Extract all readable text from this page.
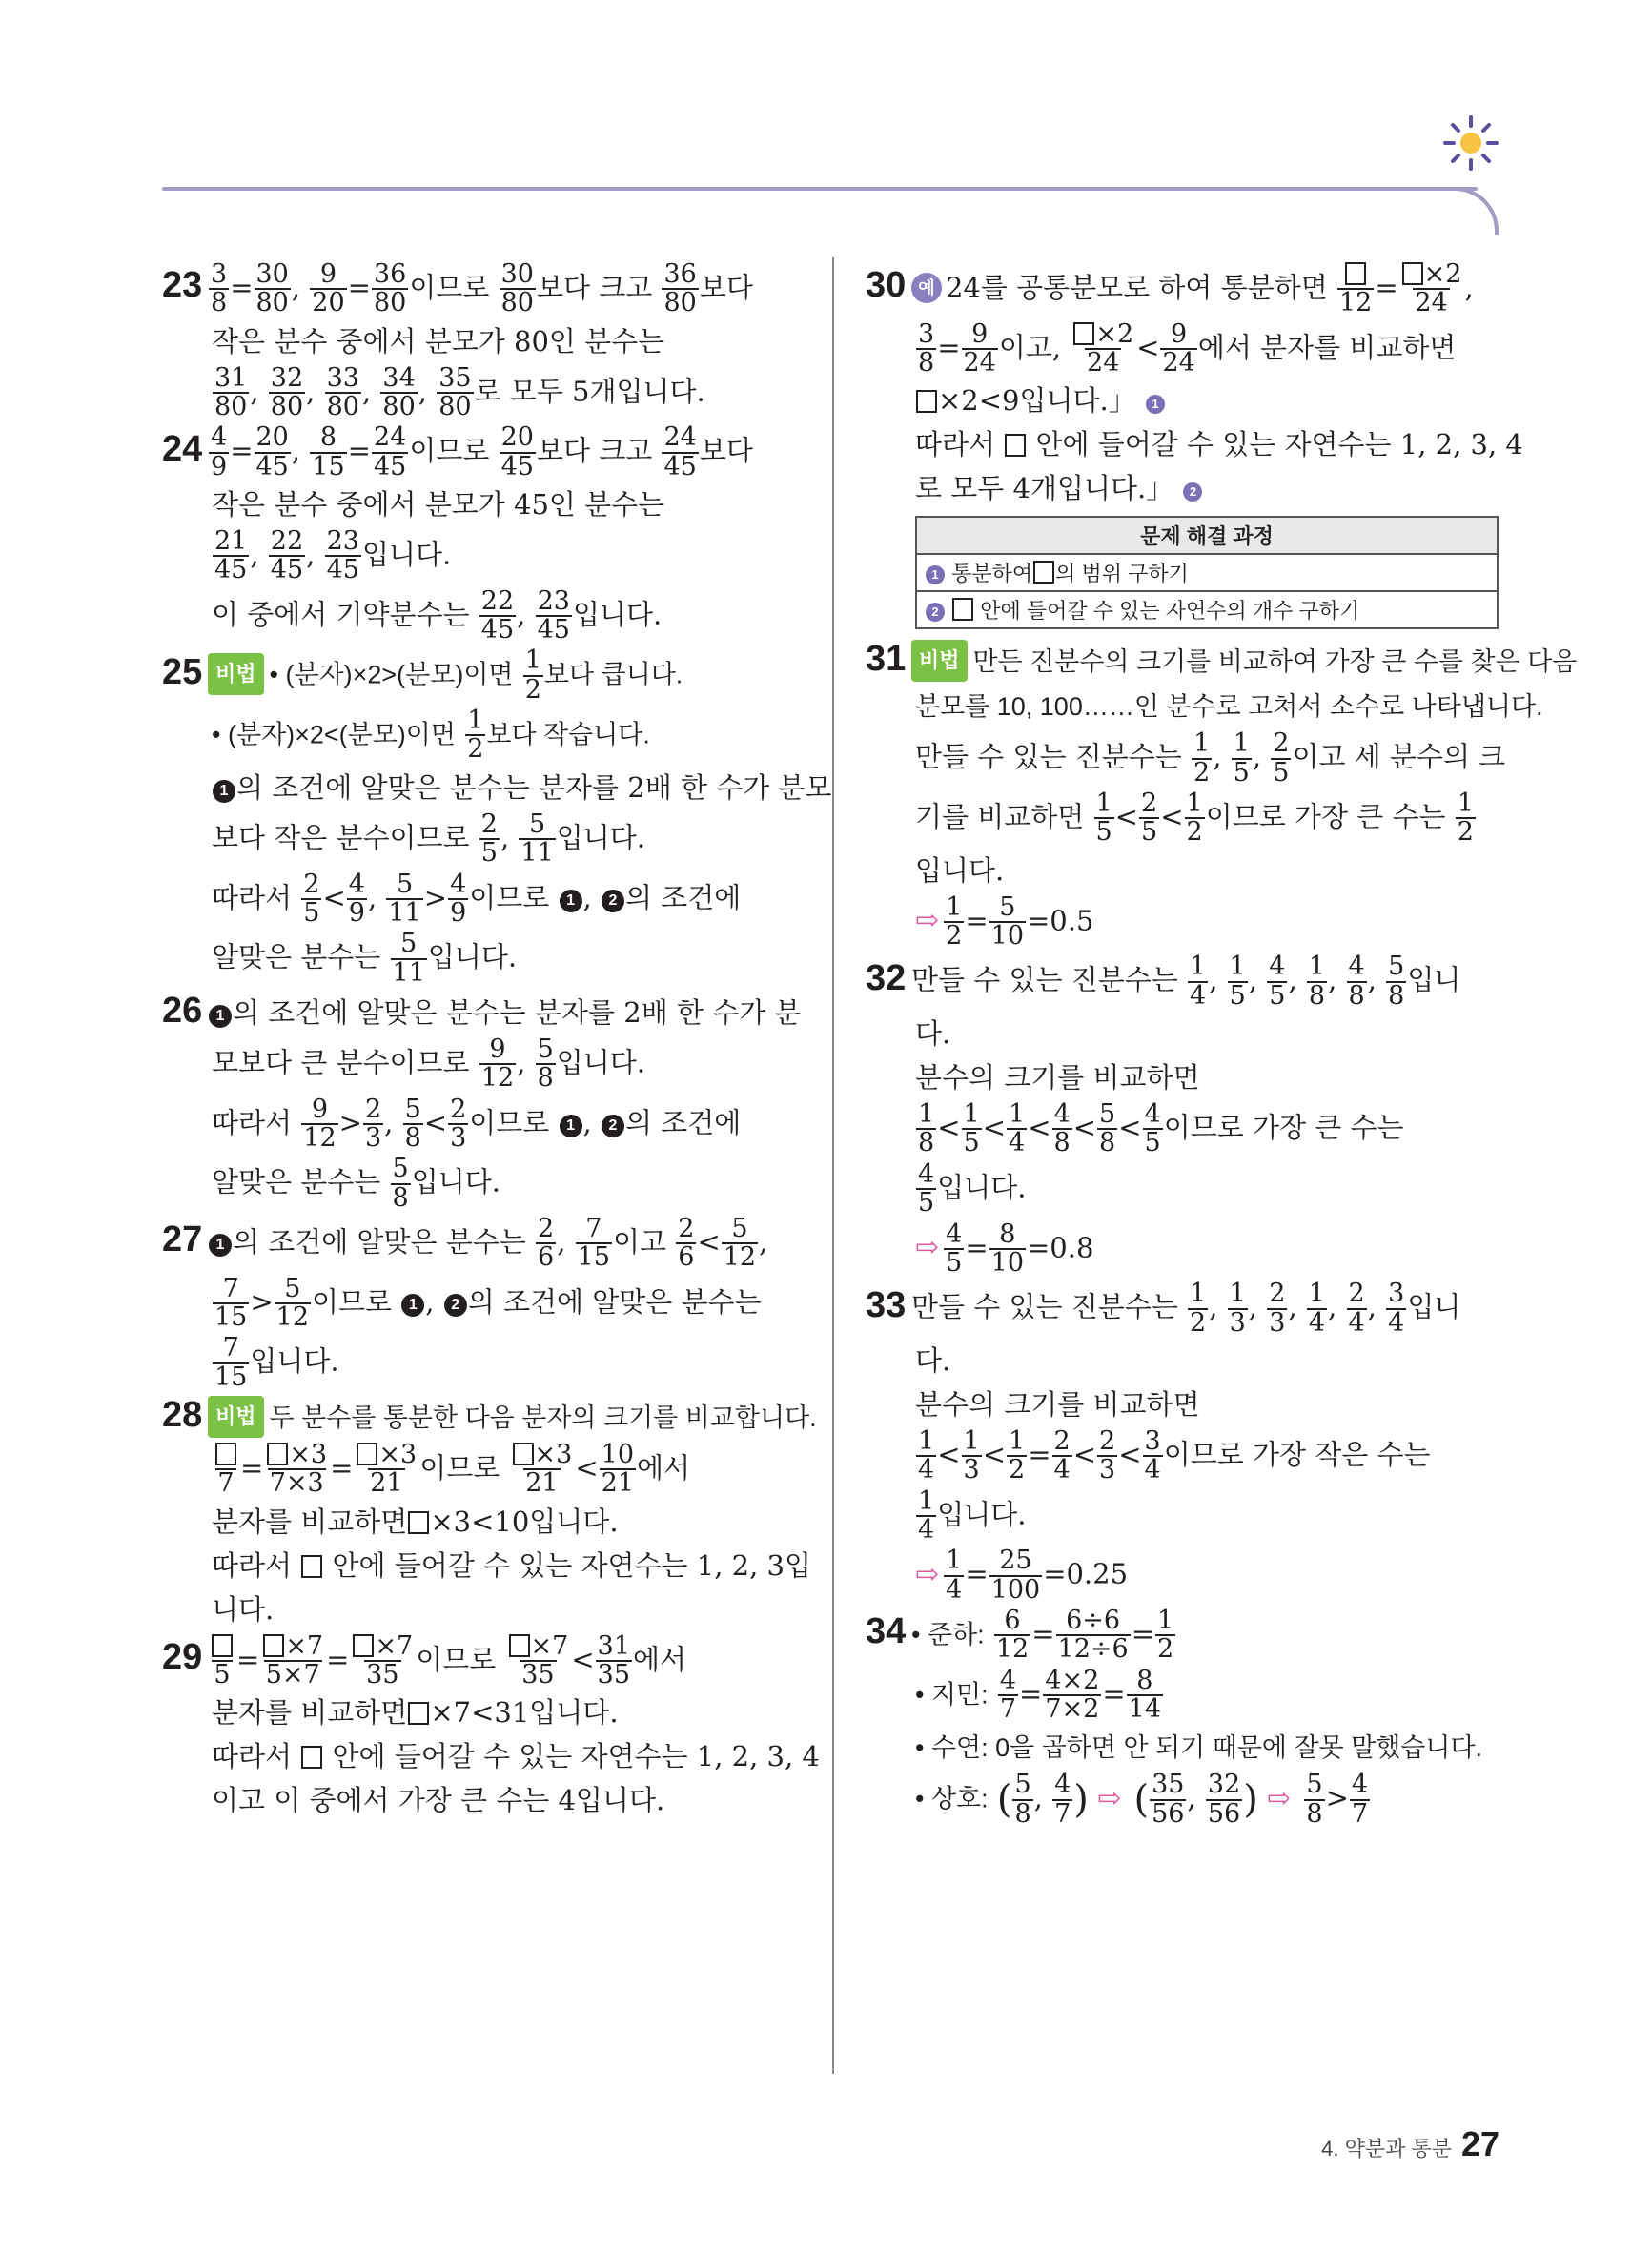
$23 \frac{3}{8} = \frac{30}{80}$ , $\frac{9}{20} = \frac{36}{80}$ 이므로 $\frac{30}{80}$ 보다 크고 $\frac{36}{80}$ 보다
작은 분수 중에서 분모가 80인 분수는
$\frac{31}{80}$ , $\frac{32}{80}$ , $\frac{33}{80}$ , $\frac{34}{80}$ , $\frac{35}{80}$ 로 모두 5개입니다.
$24 \frac{4}{9} = \frac{20}{45}$ , $\frac{8}{15} = \frac{24}{45}$ 이므로 $\frac{20}{45}$ 보다 크고 $\frac{24}{45}$ 보다
작은 분수 중에서 분모가 45인 분수는
$\frac{21}{45}$ , $\frac{22}{45}$ , $\frac{23}{45}$ 입니다.
이 중에서 기약분수는 $\frac{22}{45}$ , $\frac{23}{45}$ 입니다.
25 비법 • (분자)×2>(분모)이면 $\frac{1}{2}$ 보다 큽니다.
• (분자)×2<(분모)이면 $\frac{1}{2}$ 보다 작습니다.
1 의 조건에 알맞은 분수는 분자를 2배 한 수가 분모
보다 작은 분수이므로 $\frac{2}{5}$ , $\frac{5}{11}$ 입니다.
따라서 $\frac{2}{5} < \frac{4}{9}$ , $\frac{5}{11} > \frac{4}{9}$ 이므로 1 , 2 의 조건에
알맞은 분수는 $\frac{5}{11}$ 입니다.
26 1 의 조건에 알맞은 분수는 분자를 2배 한 수가 분
모보다 큰 분수이므로 $\frac{9}{12}$ , $\frac{5}{8}$ 입니다.
따라서 $\frac{9}{12} > \frac{2}{3}$ , $\frac{5}{8} < \frac{2}{3}$ 이므로 1 , 2 의 조건에
알맞은 분수는 $\frac{5}{8}$ 입니다.
27 1 의 조건에 알맞은 분수는 $\frac{2}{6}$ , $\frac{7}{15}$ 이고 $\frac{2}{6} < \frac{5}{12}$ ,
$\frac{7}{15} > \frac{5}{12}$ 이므로 1 , 2 의 조건에 알맞은 분수는
$\frac{7}{15}$ 입니다.
28 비법 두 분수를 통분한 다음 분자의 크기를 비교합니다.
$7 = \frac{\times 3}{7\times 3} = \frac{\times 3}{21}$ 이므로 $\frac{\times 3}{21} < \frac{10}{21}$ 에서
분자를 비교하면 ×3<10입니다.
따라서 안에 들어갈 수 있는 자연수는 1, 2, 3입
니다.
29 $5 = \frac{\times 7}{5\times 7} = \frac{\times 7}{35}$ 이므로 $\frac{\times 7}{35} < \frac{31}{35}$ 에서
분자를 비교하면 ×7<31입니다.
따라서 안에 들어갈 수 있는 자연수는 1, 2, 3, 4
이고 이 중에서 가장 큰 수는 4입니다.
30 예 24를 공통분모로 하여 통분하면 $12 = \frac{\times 2}{24}$ ,
$\frac{3}{8} = \frac{9}{24}$ 이고, $\frac{\times 2}{24} < \frac{9}{24}$ 에서 분자를 비교하면
×2<9입니다.」 1
따라서 안에 들어갈 수 있는 자연수는 1, 2, 3, 4
로 모두 4개입니다.」 2
문제 해결 과정
1 통분하여 의 범위 구하기
2 안에 들어갈 수 있는 자연수의 개수 구하기
31 비법 만든 진분수의 크기를 비교하여 가장 큰 수를 찾은 다음
분모를 10, 100……인 분수로 고쳐서 소수로 나타냅니다.
만들 수 있는 진분수는 $\frac{1}{2}$ , $\frac{1}{5}$ , $\frac{2}{5}$ 이고 세 분수의 크
기를 비교하면 $\frac{1}{5} < \frac{2}{5} < \frac{1}{2}$ 이므로 가장 큰 수는 $\frac{1}{2}$
입니다.
⇨ $\frac{1}{2} = \frac{5}{10} =0.5$
32 만들 수 있는 진분수는 $\frac{1}{4}$ , $\frac{1}{5}$ , $\frac{4}{5}$ , $\frac{1}{8}$ , $\frac{4}{8}$ , $\frac{5}{8}$ 입니
다.
분수의 크기를 비교하면
$\frac{1}{8} < \frac{1}{5} < \frac{1}{4} < \frac{4}{8} < \frac{5}{8} < \frac{4}{5}$ 이므로 가장 큰 수는
$\frac{4}{5}$ 입니다.
⇨ $\frac{4}{5} = \frac{8}{10} =0.8$
33 만들 수 있는 진분수는 $\frac{1}{2}$ , $\frac{1}{3}$ , $\frac{2}{3}$ , $\frac{1}{4}$ , $\frac{2}{4}$ , $\frac{3}{4}$ 입니
다.
분수의 크기를 비교하면
$\frac{1}{4} < \frac{1}{3} < \frac{1}{2} = \frac{2}{4} < \frac{2}{3} < \frac{3}{4}$ 이므로 가장 작은 수는
$\frac{1}{4}$ 입니다.
⇨ $\frac{1}{4} = \frac{25}{100} =0.25$
34 • 준하: $\frac{6}{12} = \frac{6\div 6}{12\div 6} = \frac{1}{2}$
• 지민: $\frac{4}{7} = \frac{4\times 2}{7\times 2} = \frac{8}{14}$
• 수연: 0을 곱하면 안 되기 때문에 잘못 말했습니다.
• 상호: ( $\frac{5}{8}$ , $\frac{4}{7}$ ) ⇨ ( $\frac{35}{56}$ , $\frac{32}{56}$ ) ⇨ $\frac{5}{8} > \frac{4}{7}$
4. 약분과 통분 27
